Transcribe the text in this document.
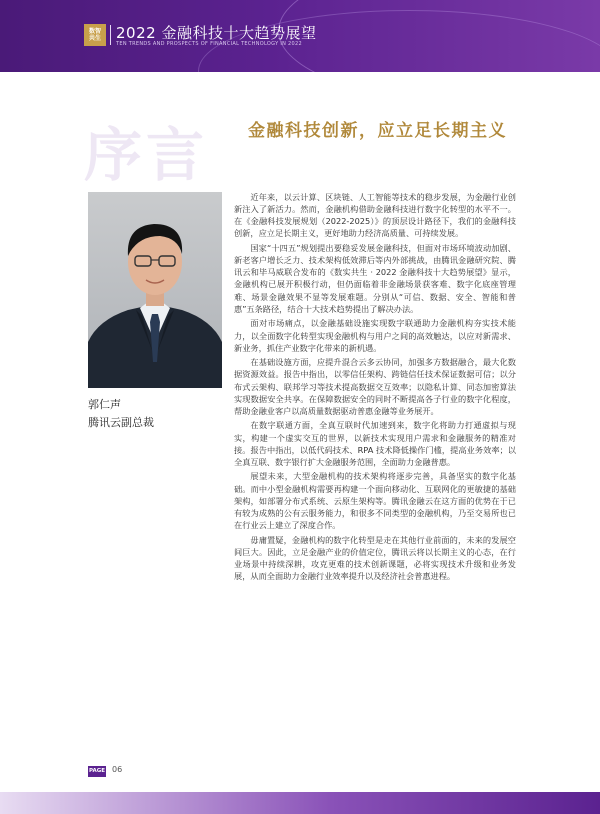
数智
共生	2022 金融科技十大趋势展望
TEN TRENDS AND PROSPECTS OF FINANCIAL TECHNOLOGY IN 2022
序言 金融科技创新，应立足长期主义
郭仁声
腾讯云副总裁

近年来，以云计算、区块链、人工智能等技术的稳步发展，为金融行业创新注入了新活力。然而，金融机构借助金融科技进行数字化转型的水平不一。在《金融科技发展规划（2022-2025）》的顶层设计路径下，我们的金融科技创新，应立足长期主义，更好地助力经济高质量、可持续发展。

国家“十四五”规划提出要稳妥发展金融科技，但面对市场环境波动加剧、新老客户增长乏力、技术架构低效滞后等内外部挑战，由腾讯金融研究院、腾讯云和毕马威联合发布的《数实共生 · 2022 金融科技十大趋势展望》显示，金融机构已展开积极行动，但仍面临着非金融场景获客难、数字化底座管理难、场景金融效果不显等发展难题。分别从“可信、数据、安全、智能和普惠”五条路径，结合十大技术趋势提出了解决办法。

面对市场痛点，以金融基础设施实现数字联通助力金融机构夯实技术能力，以全面数字化转型实现金融机构与用户之间的高效触达，以应对新需求、新业务，抓住产业数字化带来的新机遇。

在基础设施方面，应提升混合云多云协同，加强多方数据融合，最大化数据资源效益。报告中指出，以零信任架构、跨链信任技术保证数据可信；以分布式云架构、联邦学习等技术提高数据交互效率；以隐私计算、同态加密算法实现数据安全共享。在保障数据安全的同时不断提高各子行业的数字化程度，帮助金融业客户以高质量数据驱动普惠金融等业务展开。

在数字联通方面，全真互联时代加速到来，数字化将助力打通虚拟与现实，构建一个虚实交互的世界，以新技术实现用户需求和金融服务的精准对接。报告中指出，以低代码技术、RPA 技术降低操作门槛，提高业务效率；以全真互联、数字银行扩大金融服务范围，全面助力金融普惠。

展望未来，大型金融机构的技术架构将逐步完善，具备坚实的数字化基础。而中小型金融机构需要再构建一个面向移动化、互联网化的更敏捷的基础架构，如部署分布式系统、云原生架构等。腾讯金融云在这方面的优势在于已有较为成熟的公有云服务能力，和很多不同类型的金融机构，乃至交易所也已在行业云上建立了深度合作。

毋庸置疑，金融机构的数字化转型是走在其他行业前面的，未来的发展空间巨大。因此，立足金融产业的价值定位，腾讯云将以长期主义的心态，在行业场景中持续深耕，攻克更难的技术创新课题，必将实现技术升级和业务发展，从而全面助力金融行业效率提升以及经济社会普惠进程。

PAGE 06
